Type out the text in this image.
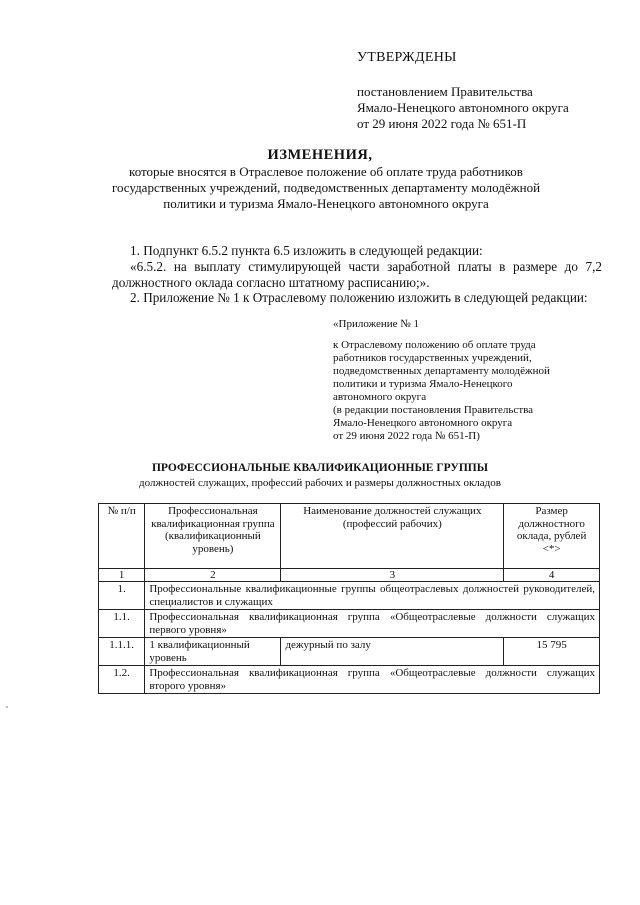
УТВЕРЖДЕНЫ
постановлением Правительства
Ямало-Ненецкого автономного округа
от 29 июня 2022 года № 651-П
ИЗМЕНЕНИЯ,
которые вносятся в Отраслевое положение об оплате труда работников
государственных учреждений, подведомственных департаменту молодёжной
политики и туризма Ямало-Ненецкого автономного округа
1. Подпункт 6.5.2 пункта 6.5 изложить в следующей редакции:
«6.5.2. на выплату стимулирующей части заработной платы в размере до 7,2 должностного оклада согласно штатному расписанию;».
2. Приложение № 1 к Отраслевому положению изложить в следующей редакции:
«Приложение № 1
к Отраслевому положению об оплате труда
работников государственных учреждений,
подведомственных департаменту молодёжной
политики и туризма Ямало-Ненецкого
автономного округа
(в редакции постановления Правительства
Ямало-Ненецкого автономного округа
от 29 июня 2022 года № 651-П)
ПРОФЕССИОНАЛЬНЫЕ КВАЛИФИКАЦИОННЫЕ ГРУППЫ
должностей служащих, профессий рабочих и размеры должностных окладов
№ п/п	Профессиональная квалификационная группа (квалификационный уровень)	Наименование должностей служащих (профессий рабочих)	Размер должностного оклада, рублей <*>
1	2	3	4
1.	Профессиональные квалификационные группы общеотраслевых должностей руководителей, специалистов и служащих		
1.1.	Профессиональная квалификационная группа «Общеотраслевые должности служащих первого уровня»		
1.1.1.	1 квалификационный уровень	дежурный по залу	15 795
1.2.	Профессиональная квалификационная группа «Общеотраслевые должности служащих второго уровня»		
